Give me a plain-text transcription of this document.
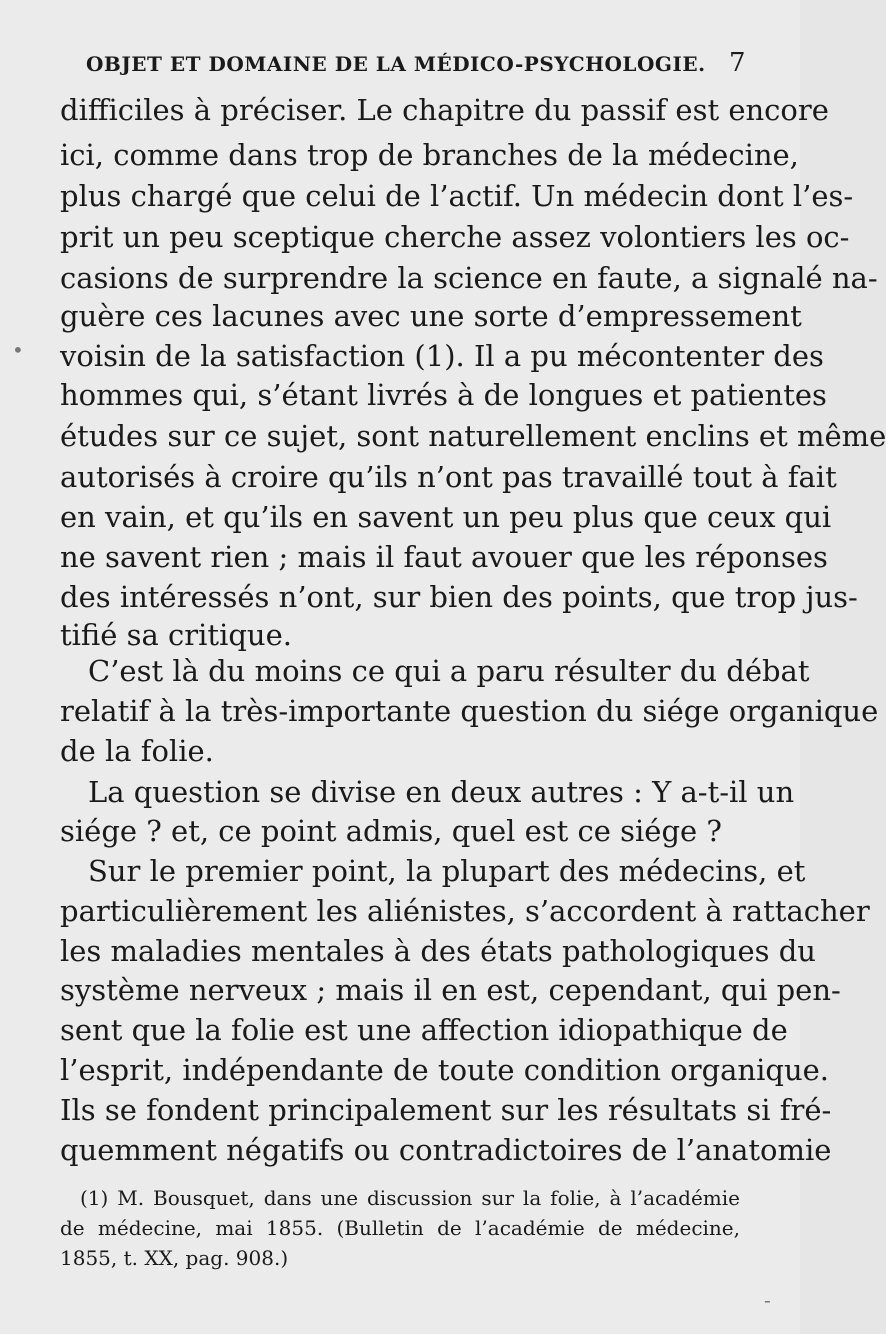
OBJET ET DOMAINE DE LA MÉDICO-PSYCHOLOGIE. 7
difficiles à préciser. Le chapitre du passif est encore
ici, comme dans trop de branches de la médecine,
plus chargé que celui de l’actif. Un médecin dont l’es-
prit un peu sceptique cherche assez volontiers les oc-
casions de surprendre la science en faute, a signalé na-
guère ces lacunes avec une sorte d’empressement
voisin de la satisfaction (1). Il a pu mécontenter des
hommes qui, s’étant livrés à de longues et patientes
études sur ce sujet, sont naturellement enclins et même
autorisés à croire qu’ils n’ont pas travaillé tout à fait
en vain, et qu’ils en savent un peu plus que ceux qui
ne savent rien ; mais il faut avouer que les réponses
des intéressés n’ont, sur bien des points, que trop jus-
tifié sa critique.
C’est là du moins ce qui a paru résulter du débat
relatif à la très-importante question du siége organique
de la folie.
La question se divise en deux autres : Y a-t-il un
siége ? et, ce point admis, quel est ce siége ?
Sur le premier point, la plupart des médecins, et
particulièrement les aliénistes, s’accordent à rattacher
les maladies mentales à des états pathologiques du
système nerveux ; mais il en est, cependant, qui pen-
sent que la folie est une affection idiopathique de
l’esprit, indépendante de toute condition organique.
Ils se fondent principalement sur les résultats si fré-
quemment négatifs ou contradictoires de l’anatomie
(1) M. Bousquet, dans une discussion sur la folie, à l’académie
de médecine, mai 1855. (Bulletin de l’académie de médecine,
1855, t. XX, pag. 908.)
•
-
